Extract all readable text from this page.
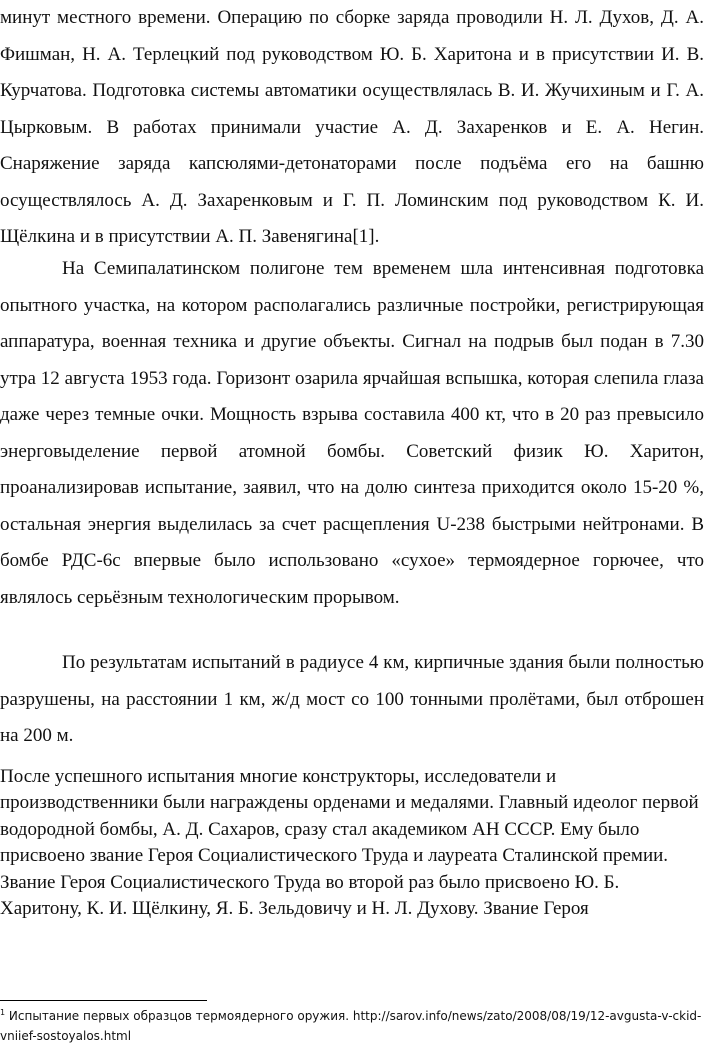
минут местного времени. Операцию по сборке заряда проводили Н. Л. Духов, Д. А. Фишман, Н. А. Терлецкий под руководством Ю. Б. Харитона и в присутствии И. В. Курчатова. Подготовка системы автоматики осуществлялась В. И. Жучихиным и Г. А. Цырковым. В работах принимали участие А. Д. Захаренков и Е. А. Негин. Снаряжение заряда капсюлями-детонаторами после подъёма его на башню осуществлялось А. Д. Захаренковым и Г. П. Ломинским под руководством К. И. Щёлкина и в присутствии А. П. Завенягина[1].

На Семипалатинском полигоне тем временем шла интенсивная подготовка опытного участка, на котором располагались различные постройки, регистрирующая аппаратура, военная техника и другие объекты. Сигнал на подрыв был подан в 7.30 утра 12 августа 1953 года. Горизонт озарила ярчайшая вспышка, которая слепила глаза даже через темные очки. Мощность взрыва составила 400 кт, что в 20 раз превысило энерговыделение первой атомной бомбы. Советский физик Ю. Харитон, проанализировав испытание, заявил, что на долю синтеза приходится около 15-20 %, остальная энергия выделилась за счет расщепления U-238 быстрыми нейтронами. В бомбе РДС-6с впервые было использовано «сухое» термоядерное горючее, что являлось серьёзным технологическим прорывом.

По результатам испытаний в радиусе 4 км, кирпичные здания были полностью разрушены, на расстоянии 1 км, ж/д мост со 100 тонными пролётами, был отброшен на 200 м.

После успешного испытания многие конструкторы, исследователи и производственники были награждены орденами и медалями. Главный идеолог первой водородной бомбы, А. Д. Сахаров, сразу стал академиком АН СССР. Ему было присвоено звание Героя Социалистического Труда и лауреата Сталинской премии. Звание Героя Социалистического Труда во второй раз было присвоено Ю. Б. Харитону, К. И. Щёлкину, Я. Б. Зельдовичу и Н. Л. Духову. Звание Героя

$^1$ Испытание первых образцов термоядерного оружия. http://sarov.info/news/zato/2008/08/19/12-avgusta-v-ckid-vniief-sostoyalos.html
